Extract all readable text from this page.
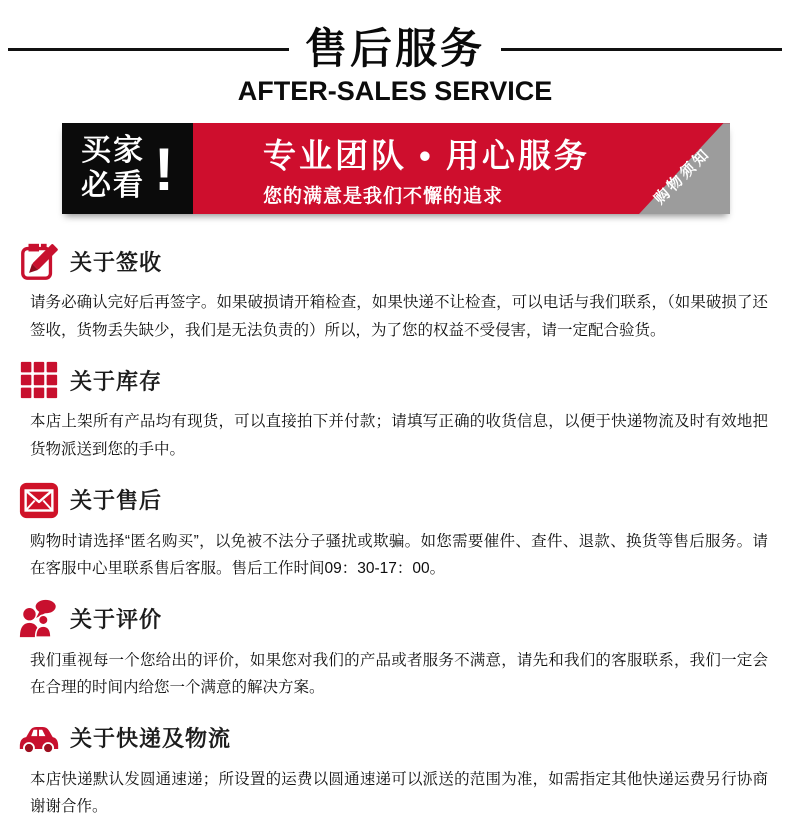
售后服务
AFTER-SALES SERVICE
买家
必看 !	专业团队 • 用心服务
您的满意是我们不懈的追求	购物须知
关于签收
请务必确认完好后再签字。如果破损请开箱检查，如果快递不让检查，可以电话与我们联系，（如果破损了还签收，货物丢失缺少，我们是无法负责的）所以，为了您的权益不受侵害，请一定配合验货。
关于库存
本店上架所有产品均有现货，可以直接拍下并付款；请填写正确的收货信息，以便于快递物流及时有效地把货物派送到您的手中。
关于售后
购物时请选择“匿名购买”，以免被不法分子骚扰或欺骗。如您需要催件、查件、退款、换货等售后服务。请在客服中心里联系售后客服。售后工作时间09：30-17：00。
关于评价
我们重视每一个您给出的评价，如果您对我们的产品或者服务不满意，请先和我们的客服联系，我们一定会在合理的时间内给您一个满意的解决方案。
关于快递及物流
本店快递默认发圆通速递；所设置的运费以圆通速递可以派送的范围为准，如需指定其他快递运费另行协商谢谢合作。
